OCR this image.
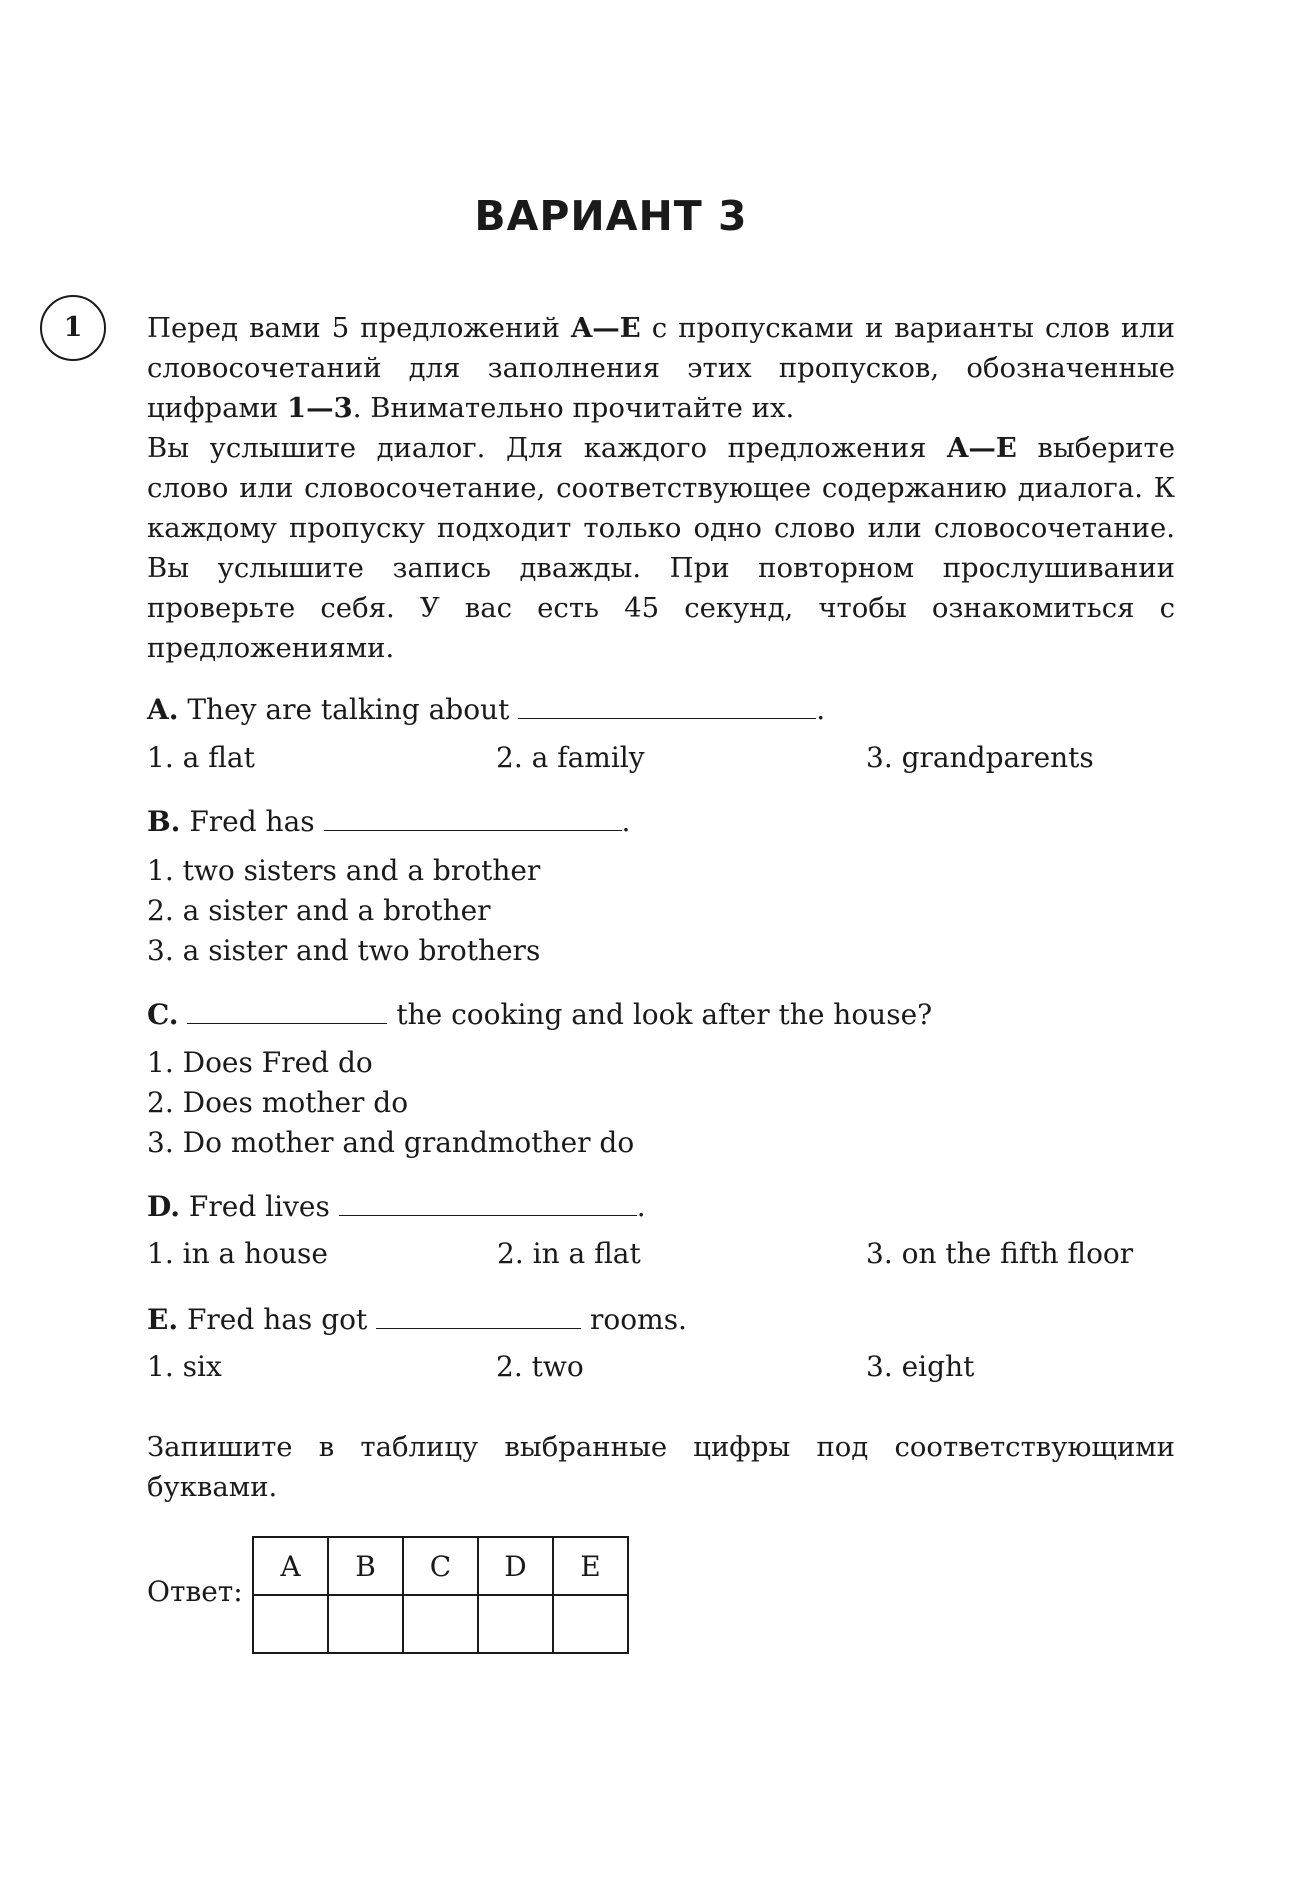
ВАРИАНТ 3
1	Перед вами 5 предложений A—E с пропусками и варианты слов или словосочетаний для заполнения этих пропусков, обозначенные цифрами 1—3. Внимательно прочитайте их.

Вы услышите диалог. Для каждого предложения A—E выберите слово или словосочетание, соответствующее содержанию диалога. К каждому пропуску подходит только одно слово или словосочетание. Вы услышите запись дважды. При повторном прослушивании проверьте себя. У вас есть 45 секунд, чтобы ознакомиться с предложениями.

A. They are talking about	.
1. a flat	2. a family	3. grandparents
B. Fred has	.
1. two sisters and a brother
2. a sister and a brother
3. a sister and two brothers
C.	the cooking and look after the house?
1. Does Fred do
2. Does mother do
3. Do mother and grandmother do
D. Fred lives	.
1. in a house	2. in a flat	3. on the fifth floor
E. Fred has got	rooms.
1. six	2. two	3. eight

Запишите в таблицу выбранные цифры под соответствующими буквами.

Ответ:
A	B	C	D	E
